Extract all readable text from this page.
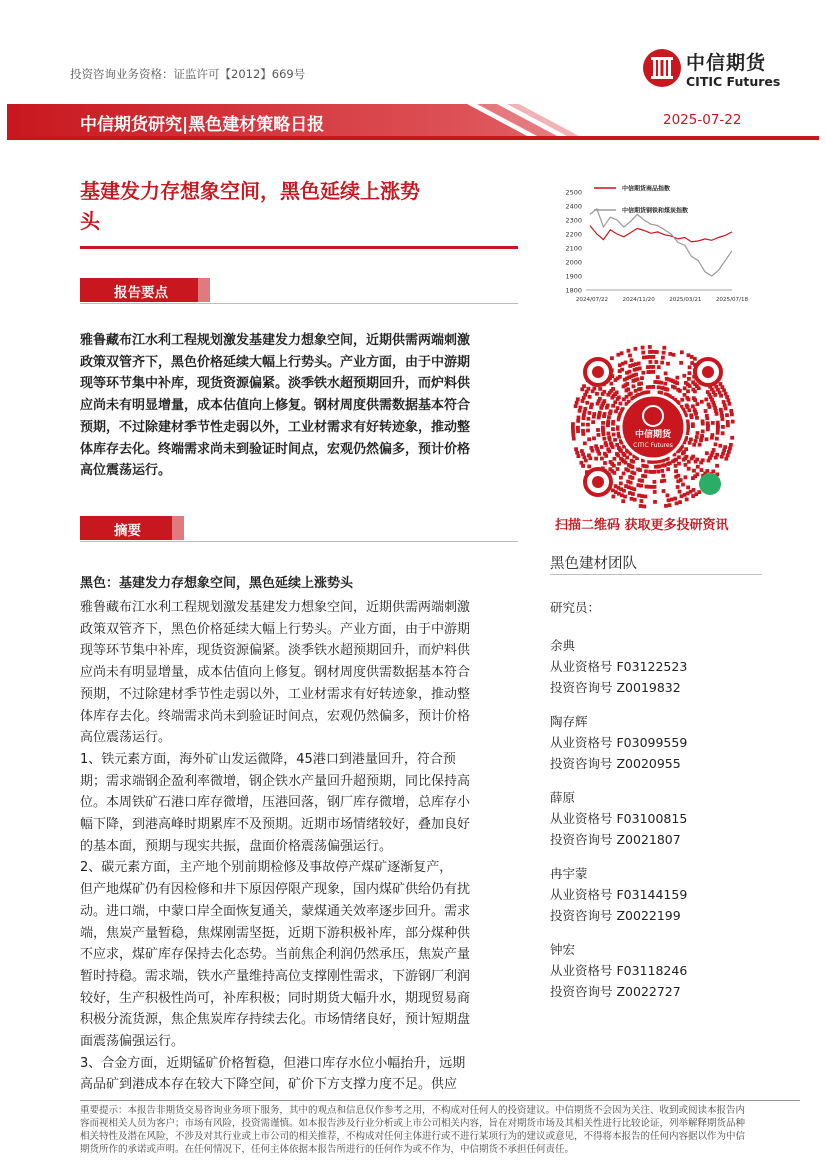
投资咨询业务资格：证监许可【2012】669号	中信期货
CITIC Futures
中信期货研究|黑色建材策略日报	2025-07-22
基建发力存想象空间，黑色延续上涨势
头
报告要点
雅鲁藏布江水利工程规划激发基建发力想象空间，近期供需两端刺激
政策双管齐下，黑色价格延续大幅上行势头。产业方面，由于中游期
现等环节集中补库，现货资源偏紧。淡季铁水超预期回升，而炉料供
应尚未有明显增量，成本估值向上修复。钢材周度供需数据基本符合
预期，不过除建材季节性走弱以外，工业材需求有好转迹象，推动整
体库存去化。终端需求尚未到验证时间点，宏观仍然偏多，预计价格
高位震荡运行。
摘要
黑色：基建发力存想象空间，黑色延续上涨势头
雅鲁藏布江水利工程规划激发基建发力想象空间，近期供需两端刺激
政策双管齐下，黑色价格延续大幅上行势头。产业方面，由于中游期
现等环节集中补库，现货资源偏紧。淡季铁水超预期回升，而炉料供
应尚未有明显增量，成本估值向上修复。钢材周度供需数据基本符合
预期，不过除建材季节性走弱以外，工业材需求有好转迹象，推动整
体库存去化。终端需求尚未到验证时间点，宏观仍然偏多，预计价格
高位震荡运行。
1、铁元素方面，海外矿山发运微降，45港口到港量回升，符合预
期；需求端钢企盈利率微增，钢企铁水产量回升超预期，同比保持高
位。本周铁矿石港口库存微增，压港回落，钢厂库存微增，总库存小
幅下降，到港高峰时期累库不及预期。近期市场情绪较好，叠加良好
的基本面，预期与现实共振，盘面价格震荡偏强运行。
2、碳元素方面，主产地个别前期检修及事故停产煤矿逐渐复产，
但产地煤矿仍有因检修和井下原因停限产现象，国内煤矿供给仍有扰
动。进口端，中蒙口岸全面恢复通关，蒙煤通关效率逐步回升。需求
端，焦炭产量暂稳，焦煤刚需坚挺，近期下游积极补库，部分煤种供
不应求，煤矿库存保持去化态势。当前焦企利润仍然承压，焦炭产量
暂时持稳。需求端，铁水产量维持高位支撑刚性需求，下游钢厂利润
较好，生产积极性尚可，补库积极；同时期货大幅升水，期现贸易商
积极分流货源，焦企焦炭库存持续去化。市场情绪良好，预计短期盘
面震荡偏强运行。
3、合金方面，近期锰矿价格暂稳，但港口库存水位小幅抬升，远期
高品矿到港成本存在较大下降空间，矿价下方支撑力度不足。供应
1800
1900
2000
2100
2200
2300
2400
2500
2024/07/22	2024/11/20	2025/03/21	2025/07/18
中信期货商品指数
中信期货钢铁和煤炭指数
中信期货
CITIC Futures
扫描二维码 获取更多投研资讯
黑色建材团队
研究员：
余典
从业资格号 F03122523
投资咨询号 Z0019832
陶存辉
从业资格号 F03099559
投资咨询号 Z0020955
薛原
从业资格号 F03100815
投资咨询号 Z0021807
冉宇蒙
从业资格号 F03144159
投资咨询号 Z0022199
钟宏
从业资格号 F03118246
投资咨询号 Z0022727
重要提示：本报告非期货交易咨询业务项下服务，其中的观点和信息仅作参考之用，不构成对任何人的投资建议。中信期货不会因为关注、收到或阅读本报告内
容而视相关人员为客户；市场有风险，投资需谨慎。如本报告涉及行业分析或上市公司相关内容，旨在对期货市场及其相关性进行比较论证，列举解释期货品种
相关特性及潜在风险，不涉及对其行业或上市公司的相关推荐，不构成对任何主体进行或不进行某项行为的建议或意见，不得将本报告的任何内容据以作为中信
期货所作的承诺或声明。在任何情况下，任何主体依据本报告所进行的任何作为或不作为，中信期货不承担任何责任。
